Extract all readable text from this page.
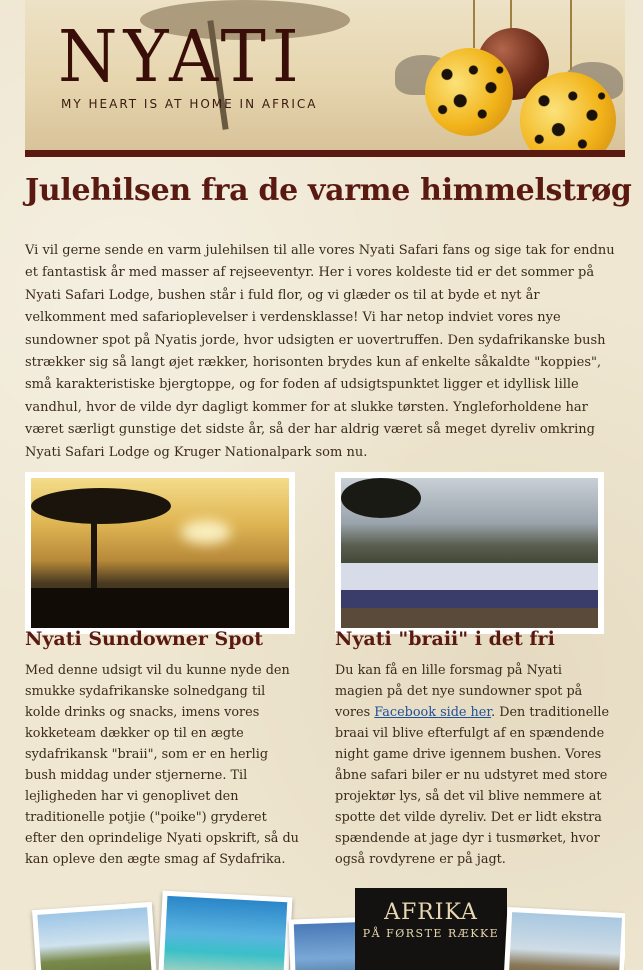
NYATI
MY HEART IS AT HOME IN AFRICA
Julehilsen fra de varme himmelstrøg

Vi vil gerne sende en varm julehilsen til alle vores Nyati Safari fans og sige tak for endnu et fantastisk år med masser af rejseeventyr. Her i vores koldeste tid er det sommer på Nyati Safari Lodge, bushen står i fuld flor, og vi glæder os til at byde et nyt år velkomment med safarioplevelser i verdensklasse! Vi har netop indviet vores nye sundowner spot på Nyatis jorde, hvor udsigten er uovertruffen. Den sydafrikanske bush strækker sig så langt øjet rækker, horisonten brydes kun af enkelte såkaldte "koppies", små karakteristiske bjergtoppe, og for foden af udsigtspunktet ligger et idyllisk lille vandhul, hvor de vilde dyr dagligt kommer for at slukke tørsten. Yngleforholdene har været særligt gunstige det sidste år, så der har aldrig været så meget dyreliv omkring Nyati Safari Lodge og Kruger Nationalpark som nu.

Nyati Sundowner Spot

Med denne udsigt vil du kunne nyde den smukke sydafrikanske solnedgang til kolde drinks og snacks, imens vores kokketeam dækker op til en ægte sydafrikansk "braii", som er en herlig bush middag under stjernerne. Til lejligheden har vi genoplivet den traditionelle potjie ("poike") gryderet efter den oprindelige Nyati opskrift, så du kan opleve den ægte smag af Sydafrika.

Nyati "braii" i det fri

Du kan få en lille forsmag på Nyati magien på det nye sundowner spot på vores Facebook side her. Den traditionelle braai vil blive efterfulgt af en spændende night game drive igennem bushen. Vores åbne safari biler er nu udstyret med store projektør lys, så det vil blive nemmere at spotte det vilde dyreliv. Det er lidt ekstra spændende at jage dyr i tusmørket, hvor også rovdyrene er på jagt.

AFRIKA
PÅ FØRSTE RÆKKE
